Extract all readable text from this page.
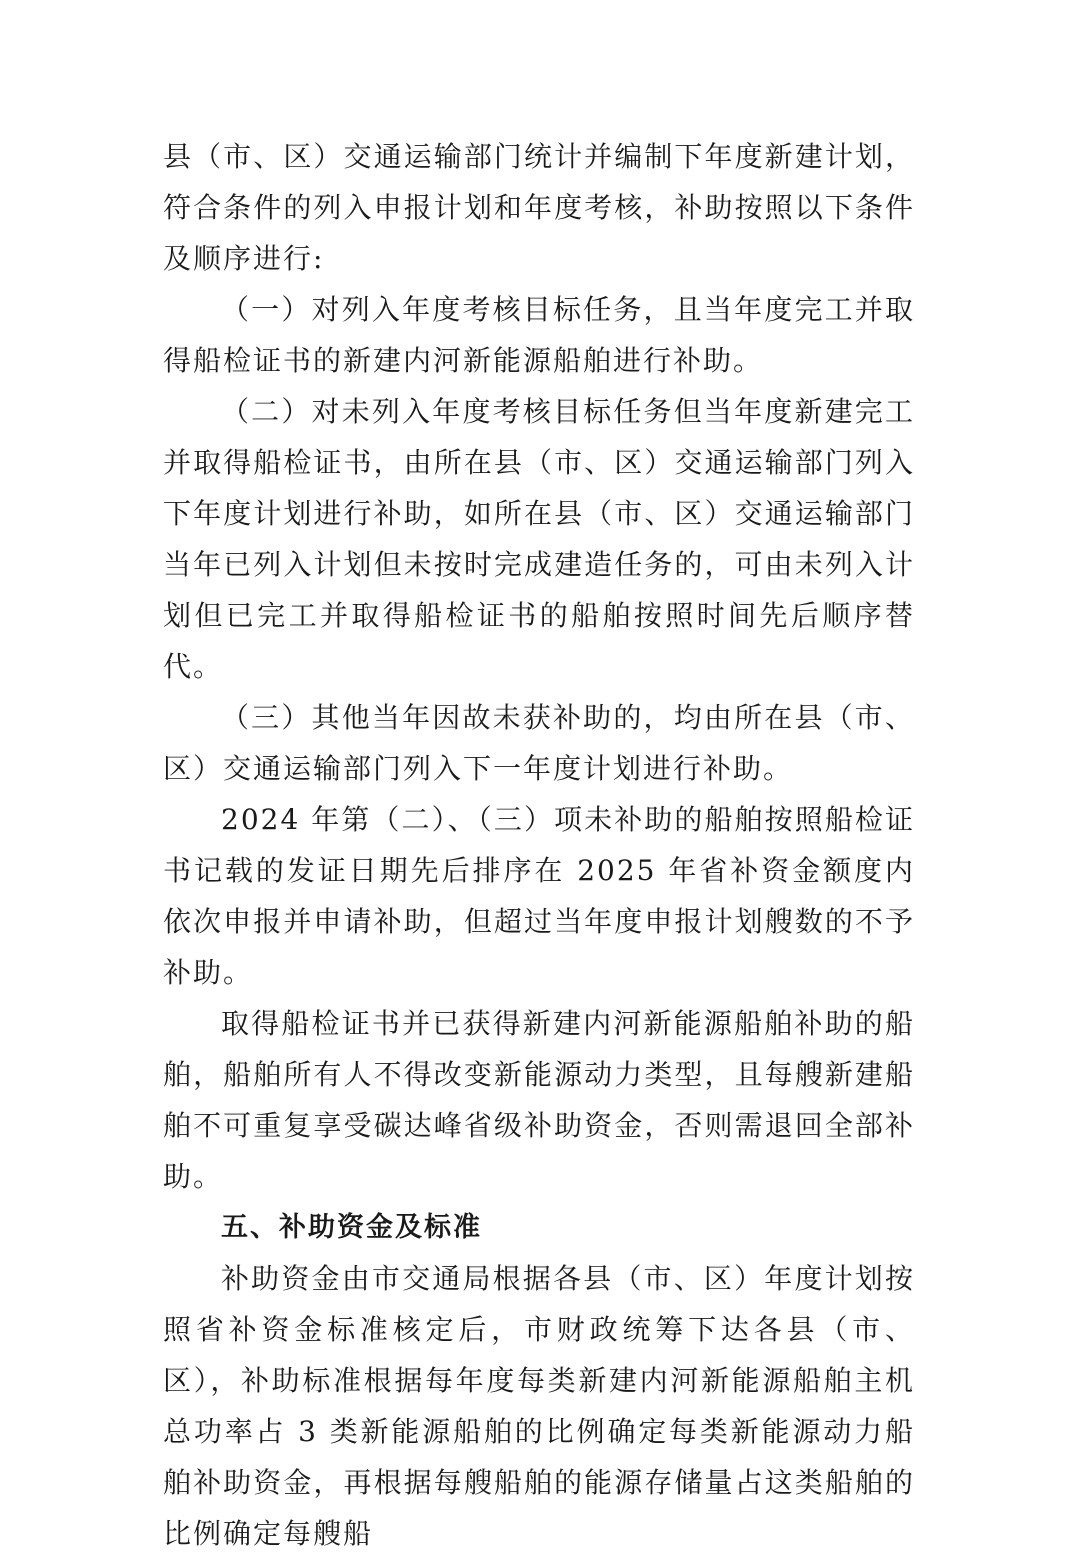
县（市、区）交通运输部门统计并编制下年度新建计划，符合条件的列入申报计划和年度考核，补助按照以下条件及顺序进行:

（一）对列入年度考核目标任务，且当年度完工并取得船检证书的新建内河新能源船舶进行补助。

（二）对未列入年度考核目标任务但当年度新建完工并取得船检证书，由所在县（市、区）交通运输部门列入下年度计划进行补助，如所在县（市、区）交通运输部门当年已列入计划但未按时完成建造任务的，可由未列入计划但已完工并取得船检证书的船舶按照时间先后顺序替代。

（三）其他当年因故未获补助的，均由所在县（市、区）交通运输部门列入下一年度计划进行补助。

2024 年第（二）、（三）项未补助的船舶按照船检证书记载的发证日期先后排序在 2025 年省补资金额度内依次申报并申请补助，但超过当年度申报计划艘数的不予补助。

取得船检证书并已获得新建内河新能源船舶补助的船舶，船舶所有人不得改变新能源动力类型，且每艘新建船舶不可重复享受碳达峰省级补助资金，否则需退回全部补助。

五、补助资金及标准

补助资金由市交通局根据各县（市、区）年度计划按照省补资金标准核定后，市财政统筹下达各县（市、区），补助标准根据每年度每类新建内河新能源船舶主机总功率占 3 类新能源船舶的比例确定每类新能源动力船舶补助资金，再根据每艘船舶的能源存储量占这类船舶的比例确定每艘船
